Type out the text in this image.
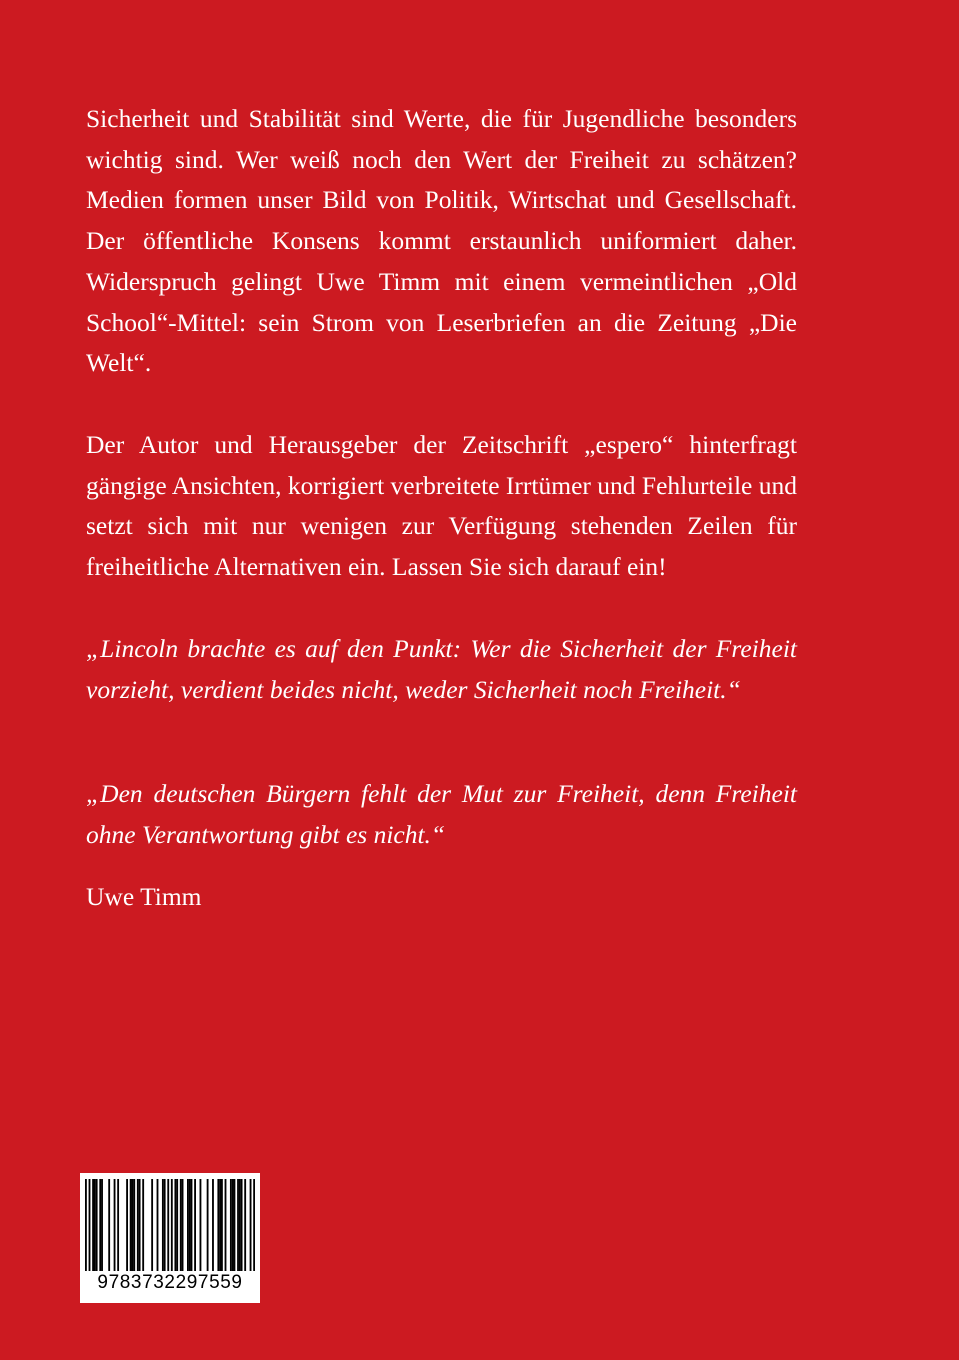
Sicherheit und Stabilität sind Werte, die für Jugendliche besonders wichtig sind. Wer weiß noch den Wert der Freiheit zu schätzen? Medien formen unser Bild von Politik, Wirtschat und Gesellschaft. Der öffentliche Konsens kommt erstaunlich uniformiert daher. Widerspruch gelingt Uwe Timm mit einem vermeintlichen „Old School“-Mittel: sein Strom von Leserbriefen an die Zeitung „Die Welt“.

Der Autor und Herausgeber der Zeitschrift „espero“ hinterfragt gängige Ansichten, korrigiert verbreitete Irrtümer und Fehlurteile und setzt sich mit nur wenigen zur Verfügung stehenden Zeilen für freiheitliche Alternativen ein. Lassen Sie sich darauf ein!

„Lincoln brachte es auf den Punkt: Wer die Sicherheit der Freiheit vorzieht, verdient beides nicht, weder Sicherheit noch Freiheit.“

„Den deutschen Bürgern fehlt der Mut zur Freiheit, denn Freiheit ohne Verantwortung gibt es nicht.“

Uwe Timm

9783732297559
